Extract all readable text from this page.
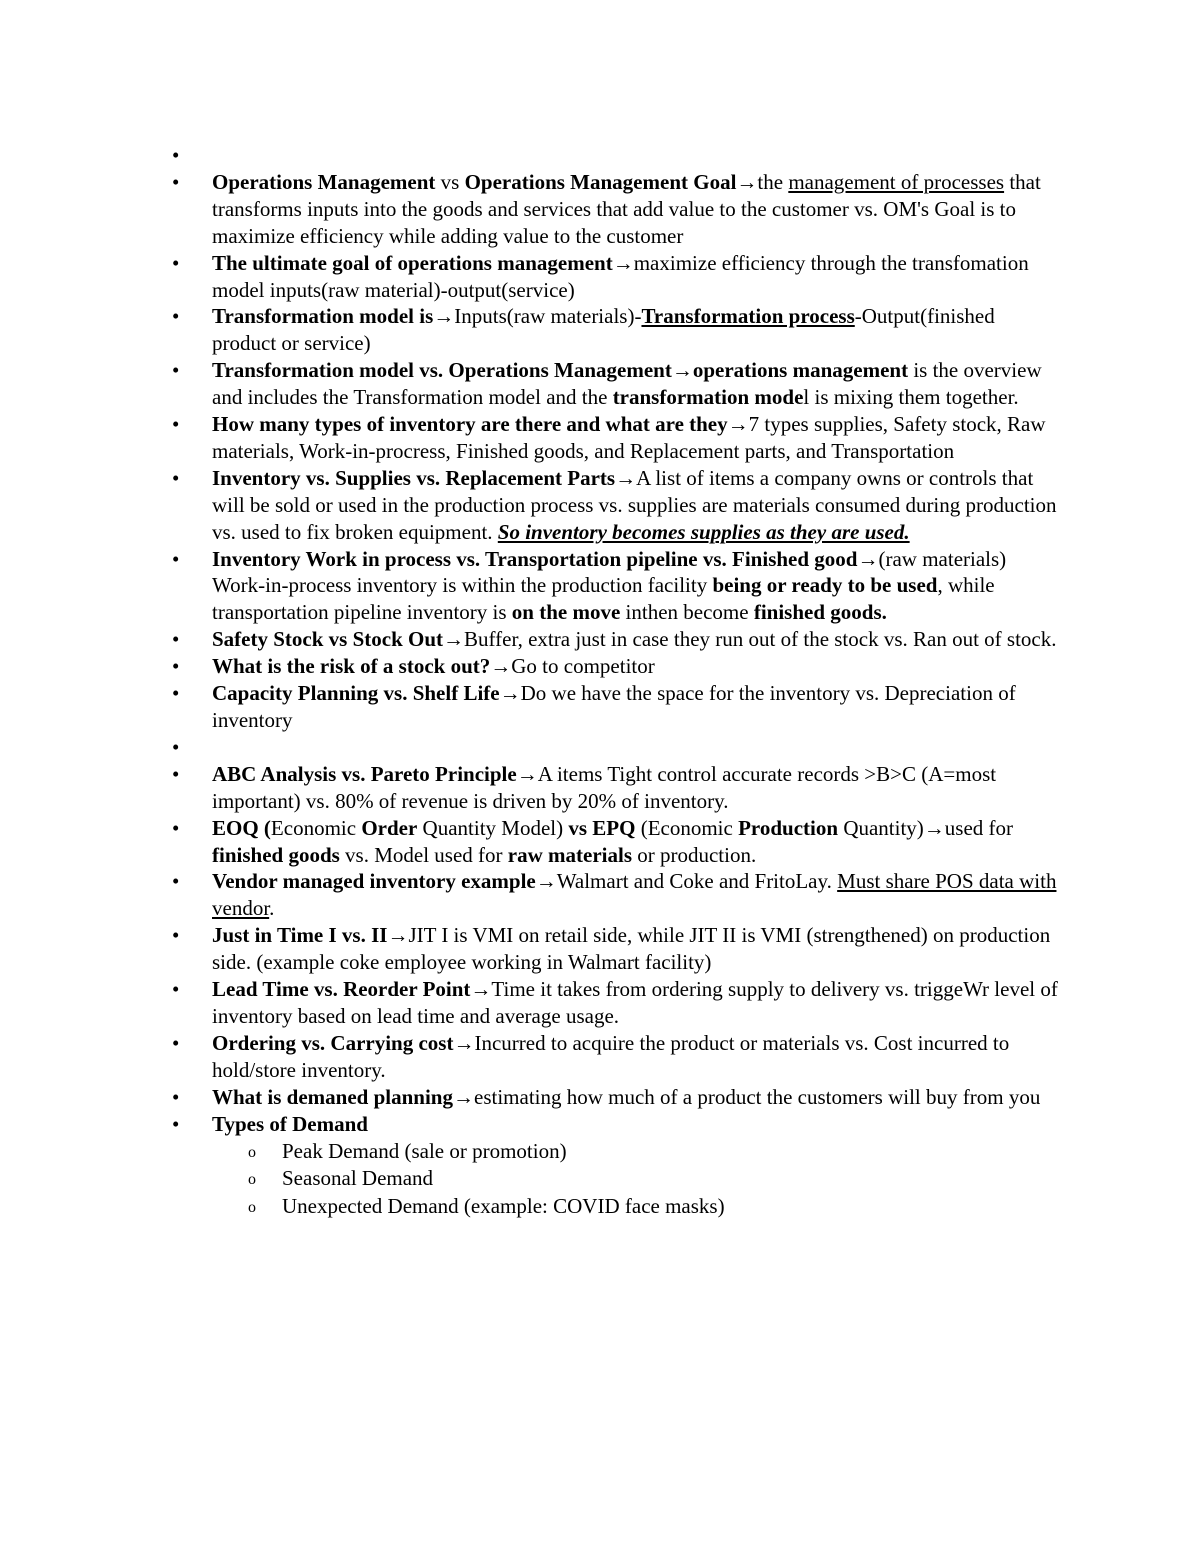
•
• Operations Management vs Operations Management Goal→the management of processes that transforms inputs into the goods and services that add value to the customer vs. OM's Goal is to maximize efficiency while adding value to the customer
• The ultimate goal of operations management→maximize efficiency through the transfomation model inputs(raw material)-output(service)
• Transformation model is→Inputs(raw materials)-Transformation process-Output(finished product or service)
• Transformation model vs. Operations Management→operations management is the overview and includes the Transformation model and the transformation model is mixing them together.
• How many types of inventory are there and what are they→7 types supplies, Safety stock, Raw materials, Work-in-procress, Finished goods, and Replacement parts, and Transportation
• Inventory vs. Supplies vs. Replacement Parts→A list of items a company owns or controls that will be sold or used in the production process vs. supplies are materials consumed during production vs. used to fix broken equipment. So inventory becomes supplies as they are used.
• Inventory Work in process vs. Transportation pipeline vs. Finished good→(raw materials) Work-in-process inventory is within the production facility being or ready to be used, while transportation pipeline inventory is on the move inthen become finished goods.
• Safety Stock vs Stock Out→Buffer, extra just in case they run out of the stock vs. Ran out of stock.
• What is the risk of a stock out?→Go to competitor
• Capacity Planning vs. Shelf Life→Do we have the space for the inventory vs. Depreciation of inventory
•
• ABC Analysis vs. Pareto Principle→A items Tight control accurate records >B>C (A=most important) vs. 80% of revenue is driven by 20% of inventory.
• EOQ (Economic Order Quantity Model) vs EPQ (Economic Production Quantity)→used for finished goods vs. Model used for raw materials or production.
• Vendor managed inventory example→Walmart and Coke and FritoLay. Must share POS data with vendor.
• Just in Time I vs. II→JIT I is VMI on retail side, while JIT II is VMI (strengthened) on production side. (example coke employee working in Walmart facility)
• Lead Time vs. Reorder Point→Time it takes from ordering supply to delivery vs. triggeWr level of inventory based on lead time and average usage.
• Ordering vs. Carrying cost→Incurred to acquire the product or materials vs. Cost incurred to hold/store inventory.
• What is demaned planning→estimating how much of a product the customers will buy from you
• Types of Demand
o Peak Demand (sale or promotion)
o Seasonal Demand
o Unexpected Demand (example: COVID face masks)
